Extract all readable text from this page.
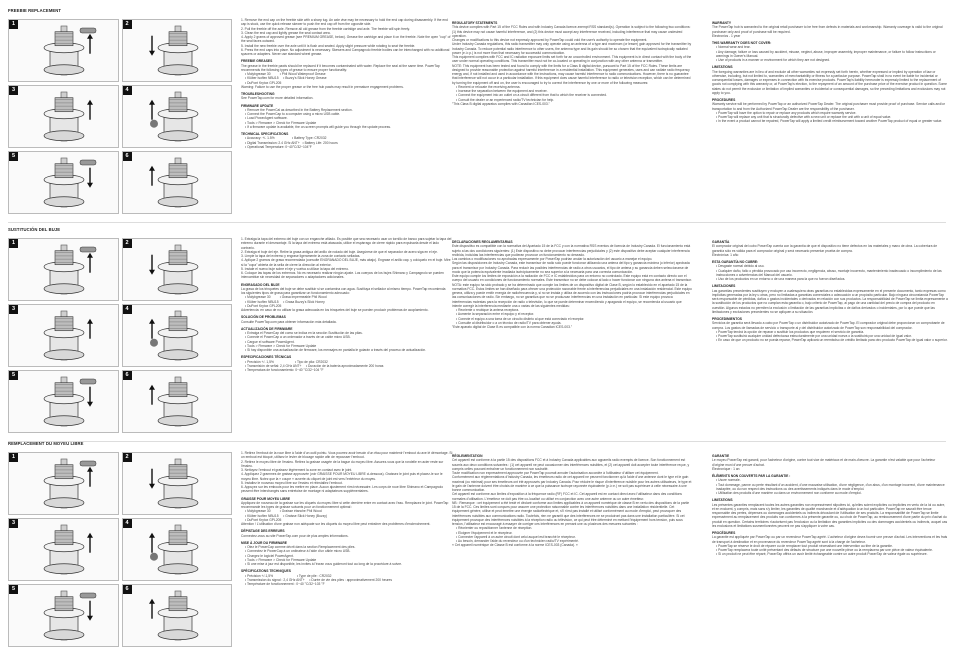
FREEBIE REPLACEMENT
1	2
3	4
5	6
1. Remove the end cap on the freebie side with a sharp tug. An axle vise may be necessary to hold the end cap during disassembly. If the end cap is stuck, use the quick release skewer to push the end cap off from the opposite side.
2. Pull the freebie off the axle. Remove all old grease from the freebie cartridge and axle. The freebie will spin freely.
3. Clean the end cap and lightly grease the seal contact area.
4. Apply 2 grams of approved grease (see PREMIUM GREASE, below). Grease the cartridge and place it on the freebie. Note the open "cup" of the seal faces outward.
5. Install the new freebie over the axle until it is flush and seated. Apply slight pressure while rotating to seat the freebie.
6. Press the end caps into place. No adjustment is necessary. Skewers and Campagnolo freebie bodies can be interchanged with no additional spacers or adapters. Never use standard wheel grease.
FREEBIE GREASES
The grease in the freebie pawls should be replaced if it becomes contaminated with water. Replace the seal at the same time. PowerTap recommends the following types of grease to ensure proper functionality:
• Molybgrease 30          • Phil Wood Waterproof Grease
• Klüber Isoflex NBU15     • Buzzy's Slick Honey Grease
• DuPont Krytox GPL205
Warning: Failure to use the proper grease or the free hub pawls may result in premature engagement problems.
TROUBLESHOOTING
See PowerTap.com for more detailed information.
FIRMWARE UPDATE
• Remove the PowerCal as described in the Battery Replacement section.
• Connect the PowerCap to a computer using a micro USB cable.
• Load PowerAgent software.
• Tools > Firmware > Check for Firmware Update
• If a firmware update is available, the on-screen prompts will guide you through the update process.
TECHNICAL SPECIFICATIONS
• Accuracy: +/- 1.5%                   • Battery Type: CR2032
• Digital Transmission: 2.4 GHz ANT+   • Battery Life: 200 hours
• Operational Temperature: 0~40°C/32~104°F
REGULATORY STATEMENTS
This device complies with Part 15 of the FCC Rules and with Industry Canada licence-exempt RSS standard(s). Operation is subject to the following two conditions: (1) this device may not cause harmful interference, and (2) this device must accept any interference received, including interference that may cause undesired operation.
Changes or modifications to this device not expressly approved by PowerTap could void the user's authority to operate the equipment.
Under Industry Canada regulations, this radio transmitter may only operate using an antenna of a type and maximum (or lesser) gain approved for the transmitter by Industry Canada. To reduce potential radio interference to other users, the antenna type and its gain should be so chosen that the equivalent isotropically radiated power (e.i.r.p.) is not more than that necessary for successful communication.
This equipment complies with FCC and IC radiation exposure limits set forth for an uncontrolled environment. This equipment is in direct contact with the body of the user under normal operating conditions. This transmitter must not be co-located or operating in conjunction with any other antenna or transmitter.
NOTE: This equipment has been tested and found to comply with the limits for a Class B digital device, pursuant to Part 15 of the FCC Rules. These limits are designed to provide reasonable protection against harmful interference in a residential installation. This equipment generates, uses and can radiate radio frequency energy and, if not installed and used in accordance with the instructions, may cause harmful interference to radio communications. However, there is no guarantee that interference will not occur in a particular installation. If this equipment does cause harmful interference to radio or television reception, which can be determined by turning the equipment off and on, the user is encouraged to try to correct the interference by one or more of the following measures:
• Reorient or relocate the receiving antenna.
• Increase the separation between the equipment and receiver.
• Connect the equipment into an outlet on a circuit different from that to which the receiver is connected.
• Consult the dealer or an experienced radio/TV technician for help.
"This Class B digital apparatus complies with Canadian ICES-003."
WARRANTY
The PowerTap hub is warranted to the original retail purchaser to be free from defects in materials and workmanship. Warranty coverage is valid to the original purchaser only and proof of purchase will be required.
Electronics - 1 year
THIS WARRANTY DOES NOT COVER:
• Normal wear and tear.
• Any damage, failure or loss caused by accident, misuse, neglect, abuse, improper assembly, improper maintenance, or failure to follow instructions or warnings in Owner's Manual.
• Use of products in a manner or environment for which they are not designed.
LIMITATIONS
The foregoing warranties are in lieu of and exclude all other warranties not expressly set forth herein, whether expressed or implied by operation of law or otherwise, including, but not limited to, warranties of merchantability or fitness for a particular purpose. PowerTap shall in no event be liable for incidental or consequential losses, damages or expenses in connection with its exercise products. PowerTap's liability hereunder is expressly limited to the replacement of goods not complying with this warranty or, at PowerTap's election, to the repayment of an amount of the purchase price of the exercise product in question. Some states do not permit the exclusion or limitation of implied warranties or incidental or consequential damages, so the preceding limitations and exclusions may not apply to you.
PROCEDURES
Warranty service will be performed by PowerTap or an authorized PowerTap Dealer. The original purchaser must provide proof of purchase. Service calls and/or transportation to and from the Authorized PowerTap Dealer are the responsibility of the purchaser.
• PowerTap will have the option to repair or replace any products which require warranty service.
• PowerTap will replace any unit that is structurally defective with a new unit or replace the unit with a unit of equal value.
• In the event a product cannot be repaired, PowerTap will apply a limited credit reimbursement toward another PowerTap product of equal or greater value.
SUSTITUCIÓN DEL BUJE
1	2
3	4
5	6
1. Extraiga la tapa del extremo del buje con un enganche afilado. Es posible que sea necesario usar un tornillo de banco para sujetar la tapa del extremo durante el desmontaje. Si la tapa del extremo está atascada, utilice el espárrago de cierre rápido para expulsarla desde el lado contrario.
2. Extraiga el buje del eje. Retire la grasa antigua del anillo de rodado del buje. Asegúrese de que el separador de acero siga en el eje.
3. Limpie la tapa del extremo y engrase ligeramente la zona de contacto selladas.
4. Aplique 2 gramos de grasa recomendada (consulte ENGRANADO DEL BUJE, más abajo). Engrase el anillo cap. y colóquelo en el buje. Mire si la "copa" abierta de la sella de cierre la dirección al exterior.
5. Instale el nuevo buje sobre el eje y vuelva a utilizar la tapa del extremo.
6. Coloque las tapas de los extremos. No es necesario realizar ningún ajuste. Los cuerpos de los bujes Shimano y Campagnolo se pueden intercambiar sin necesidad de separadores o adaptadores adicionales.
ENGRASADO DEL BUJE
La grasa de los trinquetes del buje se debe sustituir si se contamina con agua. Sustituya el sellador al mismo tiempo. PowerTap recomienda
los siguientes tipos de grasa para garantizar un funcionamiento adecuado:
• Molybgrease 30          • Grasa impermeable Phil Wood
• Klüber Isoflex NBU15     • Grasa Buzzy's Slick Honey
• DuPont Krytox GPL205
Advertencia: en caso de no utilizar la grasa adecuada en los trinquetes del buje se pueden producir problemas de acoplamiento.
SOLUCIÓN DE PROBLEMAS
Consulte PowerTap.com para obtener información más detallada.
ACTUALIZACIÓN DE FIRMWARE
• Extraiga el PowerCap del como se indica en la sección Sustitución de las pilas.
• Conecte el PowerCap a un ordenador a través de un cable micro USB.
• Cargue el software PowerAgent.
• Tools > Firmware > Check for Firmware Update
• Si hay disponible una actualización de firmware, los mensajes en pantalla le guiarán a través del proceso de actualización.
ESPECIFICACIONES TÉCNICAS
• Precisión +/- 1,5%                       • Tipo de pila: CR2032
• Transmisión de señal: 2,4 GHz ANT+     • Duración de la batería aproximadamente 200 horas
• Temperatura de funcionamiento: 0~40 °C/32~104 °F
DECLARACIONES REGLAMENTARIAS
Este dispositivo es compatible con la normativa del Apartado 15 de la FCC y con la normativa RSS exentos de licencia de Industry Canada. El funcionamiento está sujeto a las dos condiciones siguientes: (1) Este dispositivo no debe provocar interferencias perjudiciales y (2) este dispositivo debe aceptar cualquier interferencia recibida, incluidas las interferencias que pudieran provocar un funcionamiento no deseado.
Los cambios o modificaciones no aprobadas expresamente por PowerTap podrían anular la autorización del usuario a manejar el equipo.
Según las disposiciones de Industry Canada, este transmisor de radio solo puede funcionar utilizando una antena del tipo y ganancia máxima (o inferior) aprobada para el transmisor por Industry Canada. Para reducir las posibles interferencias de radio a otros usuarios, el tipo de antena y su ganancia deben seleccionarse de modo que la potencia equivalente irradiada isotrópicamente no sea superior a la necesaria para una correcta comunicación.
Este equipo cumple los límites de exposición a la radiación de FCC e IC establecidos para un entorno no controlado. Este equipo está en contacto directo con el cuerpo del usuario en condiciones de funcionamiento normales. Este transmisor no se debe colocar al lado o hacer funcionar con ninguna otra antena ni transmisor.
NOTA: este equipo ha sido probado y se ha determinado que cumple los límites de un dispositivo digital de Clase B, según lo establecido en el apartado 15 de la normativa FCC. Estos límites se han diseñado para ofrecer una protección razonable frente a interferencias perjudiciales en una instalación residencial. Este equipo genera, utiliza y puede emitir energía de radiofrecuencia y, si no se instala y utiliza de acuerdo con las instrucciones podría provocar interferencias perjudiciales en las comunicaciones de radio. Sin embargo, no se garantiza que no se produzcan interferencias en una instalación en particular. Si este equipo provoca interferencias molestas para la recepción de radio o televisión, lo que se puede determinar encendiendo y apagando el equipo, se recomienda al usuario que intente corregir la interferencia mediante una o varias de las siguientes medidas:
• Reoriente o reubique la antena receptora.
• Aumente la separación entre el equipo y el receptor.
• Conecte el equipo a una toma de un circuito distinto al que está conectado el receptor.
• Consulte al distribuidor o a un técnico de radio/TV para obtener ayuda.
"Este aparato digital de Clase B es compatible con la norma Canadian ICES-003."
GARANTÍA
El comprador original del cubo PowerTap cuenta con la garantía de que el dispositivo no tiene defectos en los materiales y mano de obra. La cobertura de garantía sólo es válida para el comprador original y será necesario presentar prueba de compra.
Electrónica: 1 año
ESTA GARANTÍA NO CUBRE:
• Desgaste normal debido al uso.
• Cualquier daño, fallo o pérdida provocado por uso incorrecto, negligencia, abuso, montaje incorrecto, mantenimiento inadecuado o incumplimiento de las instrucciones o advertencias del Manual del usuario.
• Uso de los productos en un entorno o de una manera para la que no fueron diseñados.
LIMITACIONES
Las garantías precedentes sustituyen y excluyen a cualesquiera otras garantías no establecidas expresamente en el presente documento, tanto expresas como implícitas generadas por la ley u otras, pero no limitadas a garantías comerciales o adecuación a un propósito particular. Bajo ninguna circunstancia PowerTap será responsable de pérdidas, daños o gastos incidentales o derivados en relación con sus productos. La responsabilidad de PowerTap se limita expresamente a la sustitución de los productos que no cumplan esta garantía o, bajo criterio de PowerTap, al pago de una cantidad del precio de compra del producto en cuestión. Algunos estados no permiten la exclusión o limitación de las garantías implícitas o de daños derivados o incidentales, por lo que puede que las limitaciones y exclusiones precedentes no se apliquen a su situación.
PROCEDIMIENTOS
Servicios de garantía será llevado a cabo por PowerTap o un distribuidor autorizado de PowerTap. El comprador original debe proporcionar un comprobante de compra. Los gastos de llamadas de servicio o transporte al y del distribuidor autorizado de PowerTap son responsabilidad del comprador.
• PowerTap tendrá la opción de reparar o sustituir los productos que requieren el servicio de garantía.
• PowerTap sustituirá cualquier unidad defectuosa estructuralmente por una unidad nueva o la sustituirá por una unidad de igual valor.
• En caso de que un producto no se pueda reparar, PowerTap aplicará un reembolso de crédito limitado para otro producto PowerTap de igual valor o superior.
REMPLACEMENT DU MOYEU LIBRE
1	2
3	4
5	6
1. Retirez l'embout de la roue libre à l'aide d'un outil pointu. Vous pourrez avoir besoin d'un étau pour maintenir l'embout du axe lé démontage. Si un embout est bloqué, utilisez le levier de blocage rapide afin de repousser l'embout.
2. Retirez le moyeu libre de l'essieu. Retirez la graisse usagée de la bague du moyeu libre. Assurez-vous que la rondelle en acier reste sur l'essieu.
3. Nettoyez l'embout et graissez légèrement la zone en contact avec le joint.
4. Appliquez 2 grammes de graisse approuvée (voir GRAISSE POUR MOYEU LIBRE ci-dessous). Graissez le joint puis et placez-le sur le moyeu libre. Notez que la « coupe » ouverte du cliquet de joint est vers l'extérieur du moyeu.
5. Installez le nouveau moyeu libre sur l'essieu et réinstallez l'embout.
6. Appuyez sur les embouts pour les mettre en place. Aucun ajustement n'est nécessaire. Les corps de roue libre Shimano et Campagnolo peuvent être interchangés sans entretoise de montage ni adaptateurs supplémentaires.
GRAISSE POUR MOYEU LIBRE
Appliquez de nouveau de la graisse sur les cliquets du moyeu libre si cette dernière entre en contact avec l'eau. Remplacez le joint. PowerTap recommande les types de graisse suivants pour un fonctionnement optimal :
• Molybgrease 30          • Graisse étanche Phil Wood
• Klüber Isoflex NBU15     • Graisse Slick Honey (Buzzy)
• DuPont Krytox GPL205
Attention ! L'utilisation d'une graisse non adéquate sur les cliquets du moyeu libre peut entraîner des problèmes d'enclenchement.
DÉPISTAGE DES ERREURS
Connectez-vous au site PowerTap.com pour de plus amples informations.
MISE À JOUR DU FIRMWARE
• Otez le PowerCap comme décrit dans la section Remplacement des piles.
• Connectez le PowerCap à un ordinateur à l'aide d'un câble micro USB.
• Chargez le logiciel PowerAgent.
• Tools > Firmware > Check for Firmware Update
• Si une mise à jour est disponible, les invites à l'écran vous guideront tout au long de la procédure à suivre.
SPÉCIFICATIONS TECHNIQUES
• Précision +/-1,5%                          • Type de pile : CR2032
• Transmission du signal : 2,4 GHz ANT+     • Durée de vie des piles : approximativement 200 heures
• Température de fonctionnement : 0~40 °C/32~103 °F
RÉGLEMENTATION
Cet appareil est conforme à la partie 15 des dispositions FCC et à Industry Canada applicables aux appareils radio exempts de licence. Son fonctionnement est soumis aux deux conditions suivantes : (1) cet appareil ne peut occasionner des interférences nuisibles, et (2) cet appareil doit accepter toute interférence reçue, y compris celles pouvant entraîner un fonctionnement non souhaité.
Toute modification non expressément approuvée par PowerTap pourrait annuler l'autorisation accordée à l'utilisateur d'utiliser cet équipement.
Conformément aux réglementations d'Industry Canada, les émetteurs radio de cet appareil ne peuvent fonctionner qu'à l'aide d'une antenne dont le type et le gain maximal (ou minimal) pour ses émetteurs ont été approuvés par Industry Canada. Pour réduire le risque d'interférence nuisible pour les autres utilisateurs, le type et le gain de l'antenne doivent être choisis de manière à ce que la puissance isotrope rayonnée équivalente (p.i.r.e.) ne soit pas supérieure à celle nécessaire à une bonne communication.
Cet appareil est conforme aux limites d'exposition à la fréquence radio (RF) FCC et IC. Cet appareil est en contact direct avec l'utilisateur dans des conditions normales d'utilisation. L'émetteur ne doit pas être co-localisé ou utilisé en conjonction avec une autre antenne ou un autre émetteur.
NB : Remarque : cet équipement a été testé et déclaré conforme aux limites applicables à un appareil numérique de classe B en vertu des dispositions de la partie 15 de la FCC. Ces limites sont conçues pour assurer une protection raisonnable contre les interférences nuisibles dans une installation résidentielle. Cet équipement génère, utilise et peut émettre une énergie radioélectrique et, s'il n'est pas installé et utilisé conformément au mode d'emploi, peut provoquer des interférences nuisibles aux communications radio. Toutefois, rien ne garantit que des interférences ne se produiront pas dans une installation particulière. Si cet équipement provoque des interférences nuisibles à la réception radio ou télévision, ce qui peut être déterminé en mettant l'équipement hors tension, puis sous tension, l'utilisateur est encouragé à essayer de corriger ces interférences en prenant une ou plusieurs des mesures suivantes :
• Réorienter ou repositionner l'antenne de réception.
• Eloigner l'équipement et le récepteur.
• Connecter l'appareil à un autre circuit dont celui auquel est branché le récepteur.
• Au besoin, demander l'aide du revendeur ou d'un technicien radio/TV expérimenté.
« Cet appareil numérique de Classe B est conforme à la norme ICES-003 (Canada). »
GARANTIE
Le moyeu PowerTap est garanti, pour l'acheteur d'origine, contre tout vice de matériaux et de main-d'œuvre. La garantie n'est valable que pour l'acheteur d'origine muni d'une preuve d'achat.
Électronique : 1 an
ÉLÉMENTS NON COUVERTS PAR LA GARANTIE :
• Usure normale.
• Tout dommage, panne ou perte résultant d'un accident, d'une mauvaise utilisation, d'une négligence, d'un abus, d'un montage incorrect, d'une maintenance inadaptée, ou du non respect des instructions ou des avertissements indiqués dans le mode d'emploi.
• Utilisation des produits d'une manière ou dans un environnement non conforme au mode d'emploi.
LIMITATIONS
Les présentes garanties remplacent toutes les autres garanties non expressément stipulées ici, qu'elles soient explicites ou implicites en vertu de la loi ou autre, et en excluent, y compris, mais sans s'y limiter, les garanties de qualité marchande et d'adéquation à un but particulier. PowerTap ne saurait être tenue responsable des pertes, dépenses ou dommages accidentels ou indirects découlant de l'utilisation de ses produits. La responsabilité de PowerTap se limite expressément au remplacement des produits non conformes à la présente garantie ou, au choix de PowerTap, au remboursement d'une partie du prix d'achat du produit en question. Certains territoires n'autorisent pas l'exclusion ou la limitation des garanties implicites ou des dommages accidentels ou indirects, auquel cas les exclusions et limitations susmentionnées peuvent ne pas s'appliquer à votre cas.
PROCÉDURES
La garantie est appliquée par PowerTap ou par un revendeur PowerTap agréé. L'acheteur d'origine devra fournir une preuve d'achat. Les interventions et les frais de transport à destination et en provenance du revendeur PowerTap agréé sont à la charge de l'acheteur.
• PowerTap se réserve le droit de réparer ou de remplacer tout produit nécessitant une intervention au titre de la garantie.
• PowerTap remplacera toute unité présentant des défauts de structure par une nouvelle pièce ou la remplacera par une pièce de valeur équivalente.
• Si un produit ne peut être réparé, PowerTap offrira un avoir limité échangeable contre un autre produit PowerTap de valeur égale ou supérieure.
